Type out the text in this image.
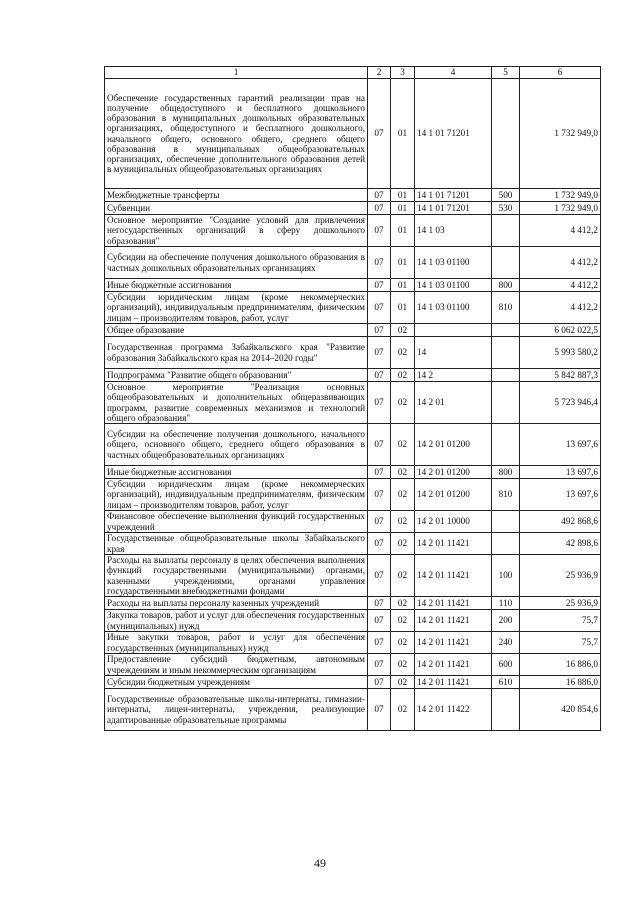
1	2	3	4	5	6
Обеспечение государственных гарантий реализации прав на получение общедоступного и бесплатного дошкольного образования в муниципальных дошкольных образовательных организациях, общедоступного и бесплатного дошкольного, начального общего, основного общего, среднего общего образования в муниципальных общеобразовательных организациях, обеспечение дополнительного образования детей в муниципальных общеобразовательных организациях	07	01	14 1 01 71201		1 732 949,0
Межбюджетные трансферты	07	01	14 1 01 71201	500	1 732 949,0
Субвенции	07	01	14 1 01 71201	530	1 732 949,0
Основное мероприятие "Создание условий для привлечения негосударственных организаций в сферу дошкольного образования"	07	01	14 1 03		4 412,2
Субсидии на обеспечение получения дошкольного образования в частных дошкольных образовательных организациях	07	01	14 1 03 01100		4 412,2
Иные бюджетные ассигнования	07	01	14 1 03 01100	800	4 412,2
Субсидии юридическим лицам (кроме некоммерческих организаций), индивидуальным предпринимателям, физическим лицам – производителям товаров, работ, услуг	07	01	14 1 03 01100	810	4 412,2
Общее образование	07	02			6 062 022,5
Государственная программа Забайкальского края "Развитие образования Забайкальского края на 2014–2020 годы"	07	02	14		5 993 580,2
Подпрограмма "Развитие общего образования"	07	02	14 2		5 842 887,3
Основное мероприятие "Реализация основных общеобразовательных и дополнительных общеразвивающих программ, развитие современных механизмов и технологий общего образования"	07	02	14 2 01		5 723 946,4
Субсидии на обеспечение получения дошкольного, начального общего, основного общего, среднего общего образования в частных общеобразовательных организациях	07	02	14 2 01 01200		13 697,6
Иные бюджетные ассигнования	07	02	14 2 01 01200	800	13 697,6
Субсидии юридическим лицам (кроме некоммерческих организаций), индивидуальным предпринимателям, физическим лицам – производителям товаров, работ, услуг	07	02	14 2 01 01200	810	13 697,6
Финансовое обеспечение выполнения функций государственных учреждений	07	02	14 2 01 10000		492 868,6
Государственные общеобразовательные школы Забайкальского края	07	02	14 2 01 11421		42 898,6
Расходы на выплаты персоналу в целях обеспечения выполнения функций государственными (муниципальными) органами, казенными учреждениями, органами управления государственными внебюджетными фондами	07	02	14 2 01 11421	100	25 936,9
Расходы на выплаты персоналу казенных учреждений	07	02	14 2 01 11421	110	25 936,9
Закупка товаров, работ и услуг для обеспечения государственных (муниципальных) нужд	07	02	14 2 01 11421	200	75,7
Иные закупки товаров, работ и услуг для обеспечения государственных (муниципальных) нужд	07	02	14 2 01 11421	240	75,7
Предоставление субсидий бюджетным, автономным учреждениям и иным некоммерческим организациям	07	02	14 2 01 11421	600	16 886,0
Субсидии бюджетным учреждениям	07	02	14 2 01 11421	610	16 886,0
Государственные образовательные школы-интернаты, гимназии-интернаты, лицеи-интернаты, учреждения, реализующие адаптированные образовательные программы	07	02	14 2 01 11422		420 854,6
49
